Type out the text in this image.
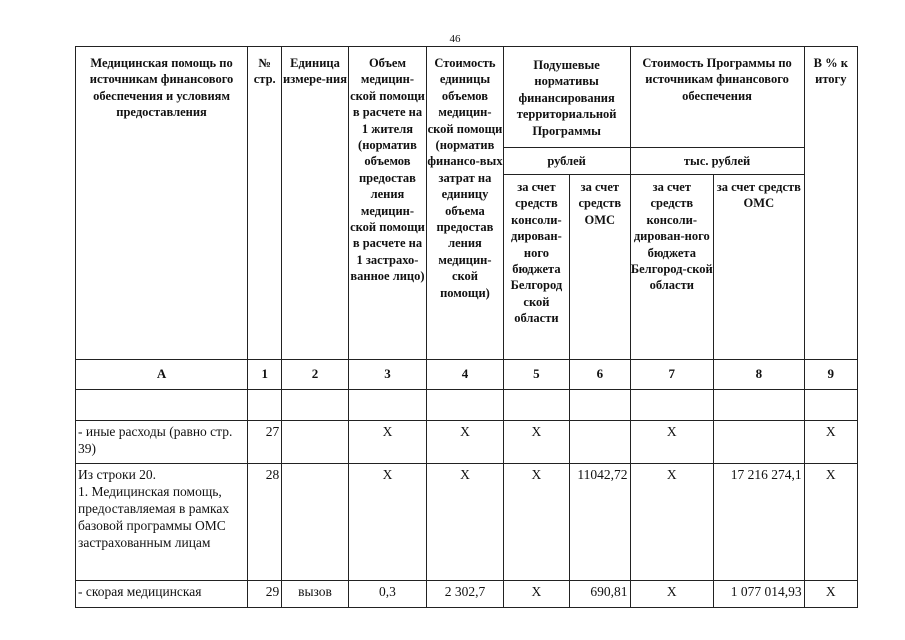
46
Медицинская помощь по источникам финансового обеспечения и условиям предоставления	№ стр.	Единица измере-ния	Объем медицин-ской помощи в расчете на 1 жителя (норматив объемов предостав ления медицин-ской помощи в расчете на 1 застрахо-ванное лицо)	Стоимость единицы объемов медицин-ской помощи (норматив финансо-вых затрат на единицу объема предостав ления медицин-ской помощи)	Подушевые нормативы финансирования территориальной Программы		Стоимость Программы по источникам финансового обеспечения		В % к итогу
					рублей		тыс. рублей		
					за счет средств консоли-дирован-ного бюджета Белгород ской области	за счет средств ОМС	за счет средств консоли-дирован-ного бюджета Белгород-ской области	за счет средств ОМС	
А	1	2	3	4	5	6	7	8	9

- иные расходы (равно стр. 39)	27		Х	Х	Х		Х		Х
Из строки 20.
1. Медицинская помощь, предоставляемая в рамках базовой программы ОМС застрахованным лицам	28		Х	Х	Х	11042,72	Х	17 216 274,1	Х
- скорая медицинская	29	вызов	0,3	2 302,7	Х	690,81	Х	1 077 014,93	Х
